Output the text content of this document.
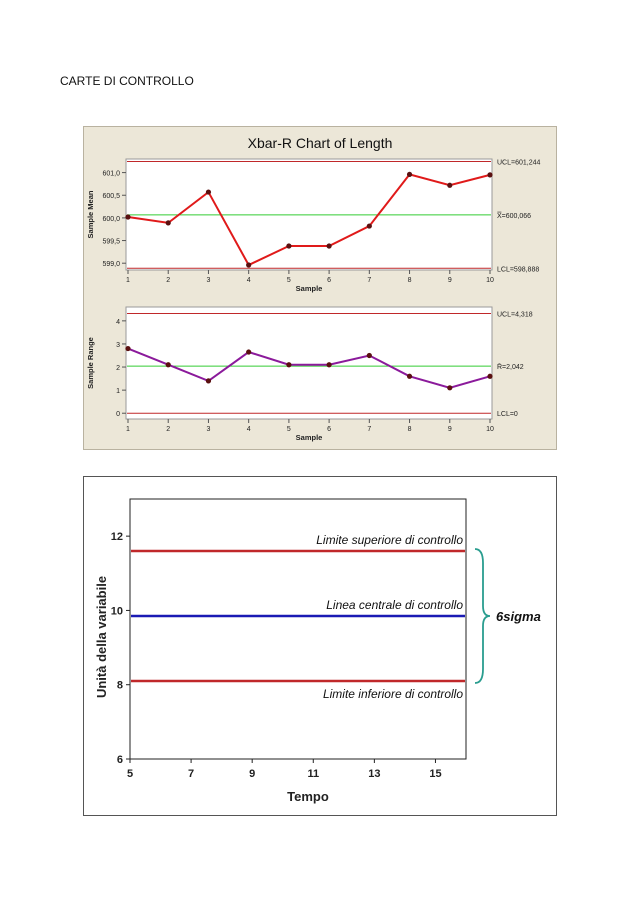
CARTE DI CONTROLLO
Xbar-R Chart of Length
599,0
599,5
600,0
600,5
601,0
1	2	3	4	5	6	7	8	9	10
Sample
Sample Mean
UCL=601,244
X̿=600,066
LCL=598,888
0
1
2
3
4
1	2	3	4	5	6	7	8	9	10
Sample
Sample Range
UCL=4,318
R̄=2,042
LCL=0
6
8
10
12
5	7	9	11	13	15
Tempo
Unità della variabile
Limite superiore di controllo
Linea centrale di controllo
Limite inferiore di controllo
6sigma
